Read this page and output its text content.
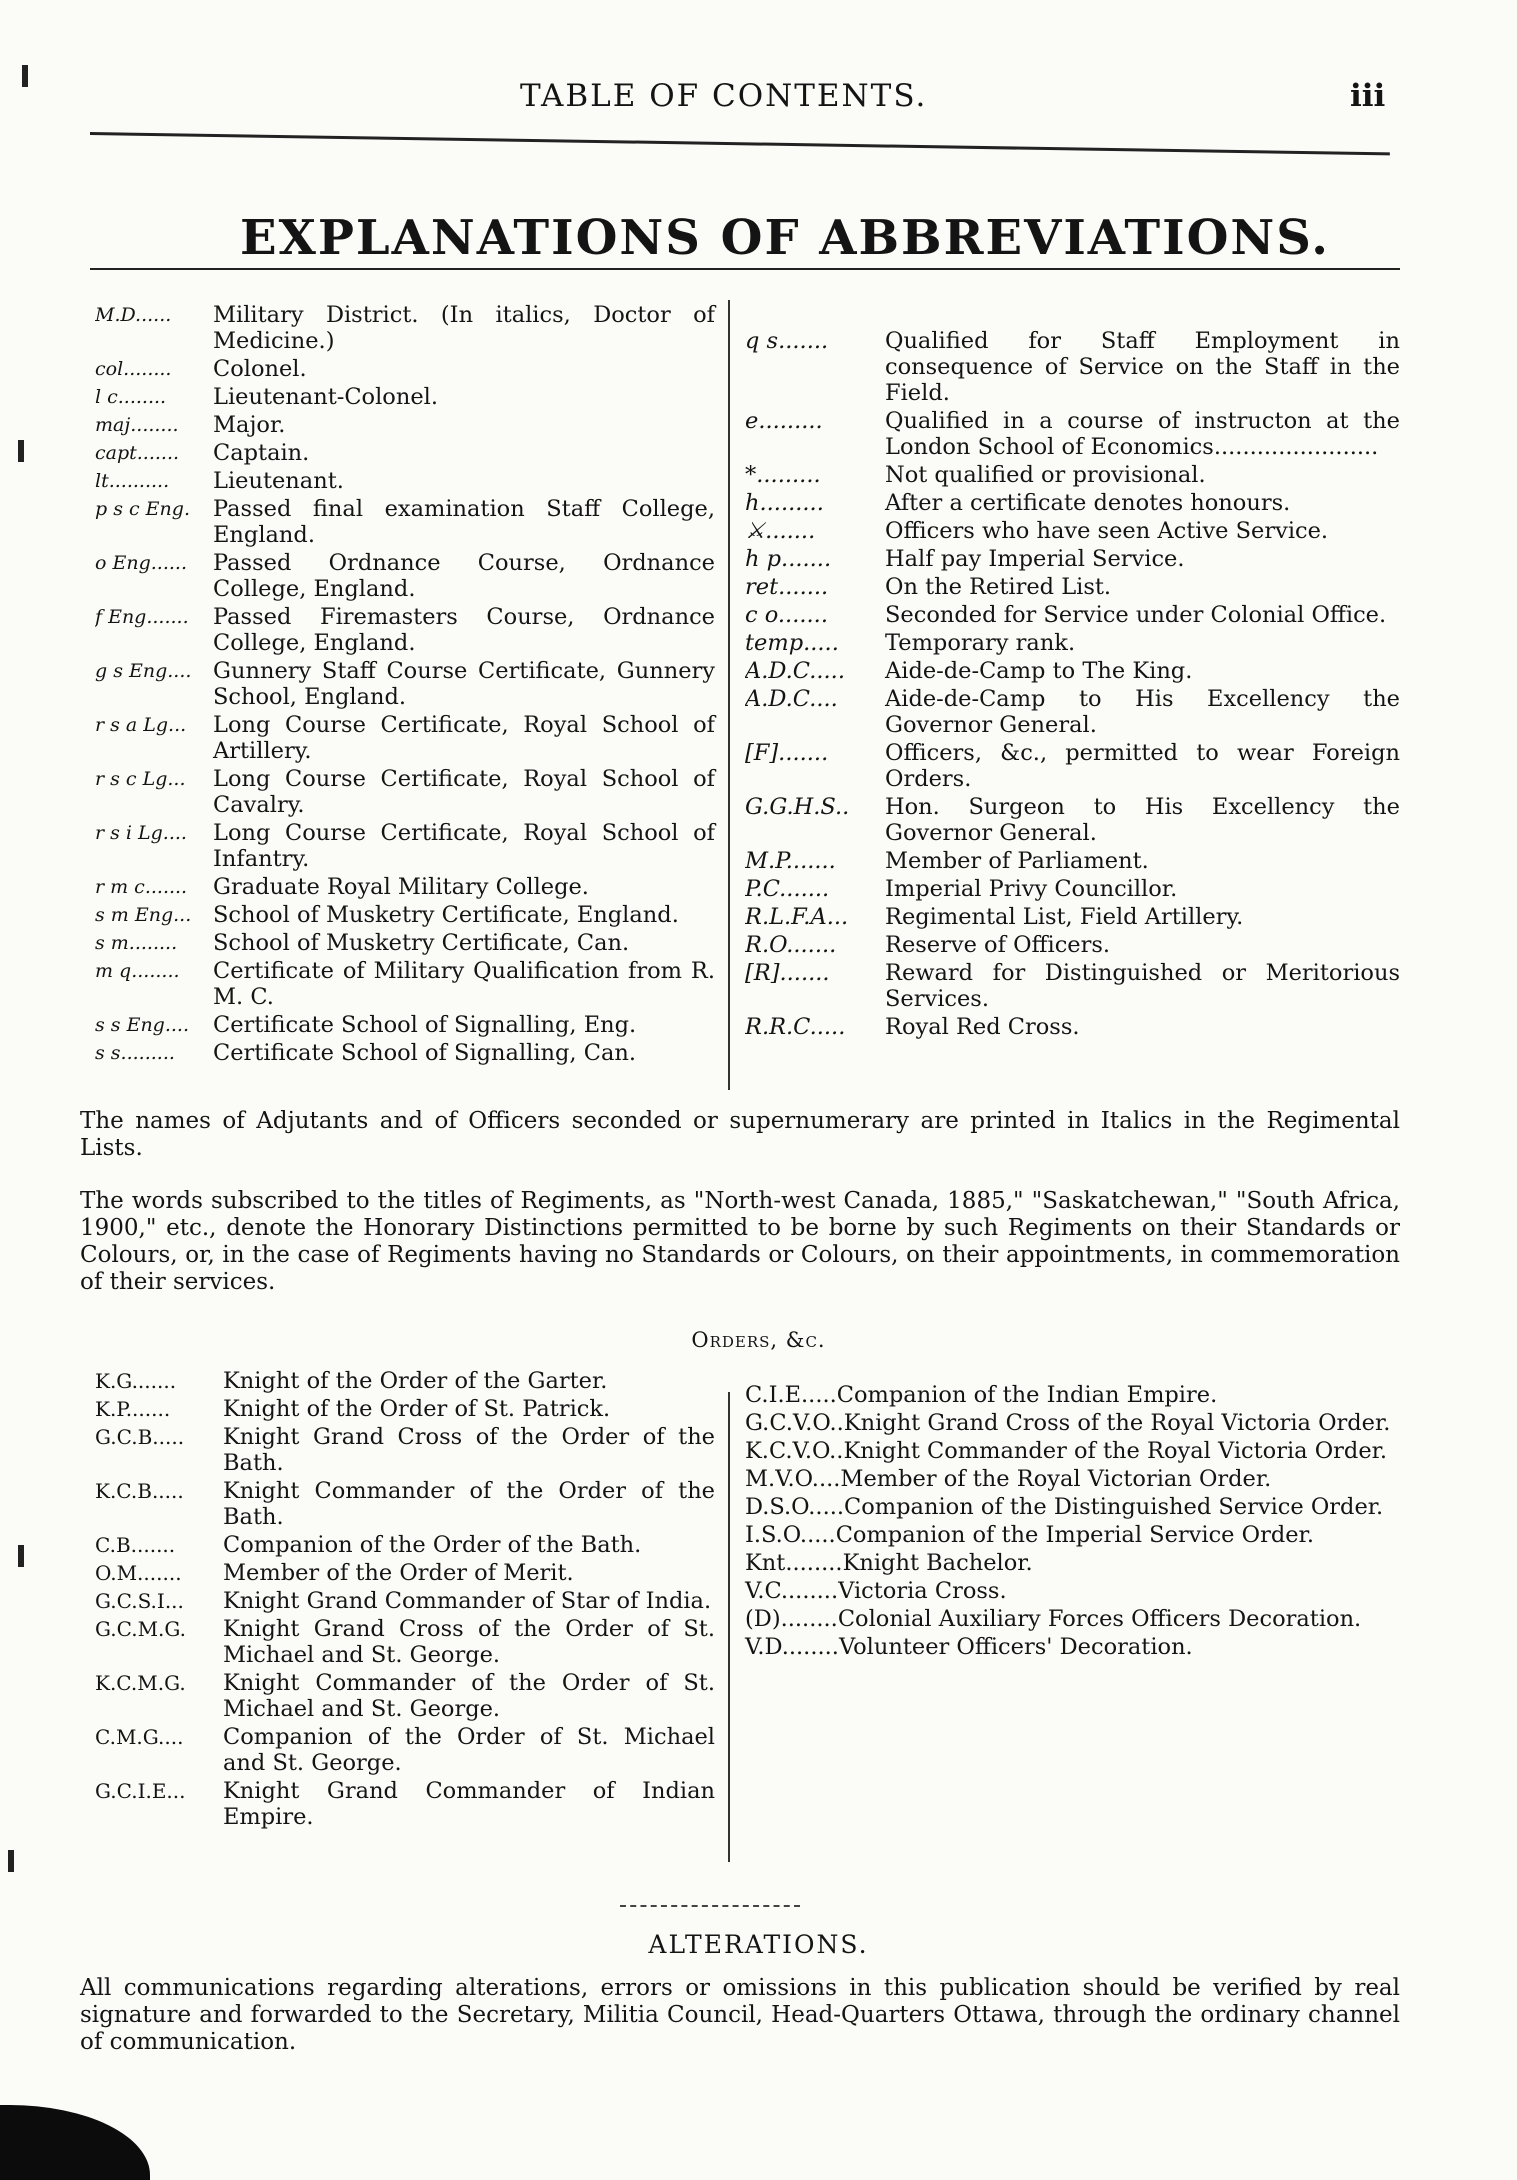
TABLE OF CONTENTS.	iii
EXPLANATIONS OF ABBREVIATIONS.
M.D......	Military District. (In italics, Doctor of Medicine.)
col........	Colonel.
l c........	Lieutenant-Colonel.
maj........	Major.
capt.......	Captain.
lt..........	Lieutenant.
p s c Eng.	Passed final examination Staff College, England.
o Eng......	Passed Ordnance Course, Ordnance College, England.
f Eng.......	Passed Firemasters Course, Ordnance College, England.
g s Eng.... Gunnery Staff Course Certificate, Gunnery School, England.
r s a Lg...	Long Course Certificate, Royal School of Artillery.
r s c Lg...	Long Course Certificate, Royal School of Cavalry.
r s i Lg....	Long Course Certificate, Royal School of Infantry.
r m c.......	Graduate Royal Military College.
s m Eng... School of Musketry Certificate, England.
s m........	School of Musketry Certificate, Can.
m q........	Certificate of Military Qualification from R. M. C.
s s Eng....	Certificate School of Signalling, Eng.
s s.........	Certificate School of Signalling, Can.
q s.......	Qualified for Staff Employment in consequence of Service on the Staff in the Field.
e.........	Qualified in a course of instructon at the London School of Economics.......................
*.........	Not qualified or provisional.
h.........	After a certificate denotes honours.
⚔.......	Officers who have seen Active Service.
h p.......	Half pay Imperial Service.
ret.......	On the Retired List.
c o.......	Seconded for Service under Colonial Office.
temp.....	Temporary rank.
A.D.C.....	Aide-de-Camp to The King.
A.D.C....	Aide-de-Camp to His Excellency the Governor General.
[F].......	Officers, &c., permitted to wear Foreign Orders.
G.G.H.S..	Hon. Surgeon to His Excellency the Governor General.
M.P.......	Member of Parliament.
P.C.......	Imperial Privy Councillor.
R.L.F.A...	Regimental List, Field Artillery.
R.O.......	Reserve of Officers.
[R].......	Reward for Distinguished or Meritorious Services.
R.R.C.....	Royal Red Cross.
The names of Adjutants and of Officers seconded or supernumerary are printed in Italics in the Regimental Lists.
The words subscribed to the titles of Regiments, as "North-west Canada, 1885," "Saskatchewan," "South Africa, 1900," etc., denote the Honorary Distinctions permitted to be borne by such Regiments on their Standards or Colours, or, in the case of Regiments having no Standards or Colours, on their appointments, in commemoration of their services.
Orders, &c.
K.G.......	Knight of the Order of the Garter.
K.P.......	Knight of the Order of St. Patrick.
G.C.B.....	Knight Grand Cross of the Order of the Bath.
K.C.B.....	Knight Commander of the Order of the Bath.
C.B.......	Companion of the Order of the Bath.
O.M.......	Member of the Order of Merit.
G.C.S.I...	Knight Grand Commander of Star of India.
G.C.M.G.	Knight Grand Cross of the Order of St. Michael and St. George.
K.C.M.G.	Knight Commander of the Order of St. Michael and St. George.
C.M.G....	Companion of the Order of St. Michael and St. George.
G.C.I.E...	Knight Grand Commander of Indian Empire.
C.I.E..... Companion of the Indian Empire.
G.C.V.O.. Knight Grand Cross of the Royal Victoria Order.
K.C.V.O.. Knight Commander of the Royal Victoria Order.
M.V.O.... Member of the Royal Victorian Order.
D.S.O..... Companion of the Distinguished Service Order.
I.S.O..... Companion of the Imperial Service Order.
Knt........ Knight Bachelor.
V.C........ Victoria Cross.
(D)........ Colonial Auxiliary Forces Officers Decoration.
V.D........ Volunteer Officers' Decoration.
ALTERATIONS.
All communications regarding alterations, errors or omissions in this publication should be verified by real signature and forwarded to the Secretary, Militia Council, Head-Quarters Ottawa, through the ordinary channel of communication.
